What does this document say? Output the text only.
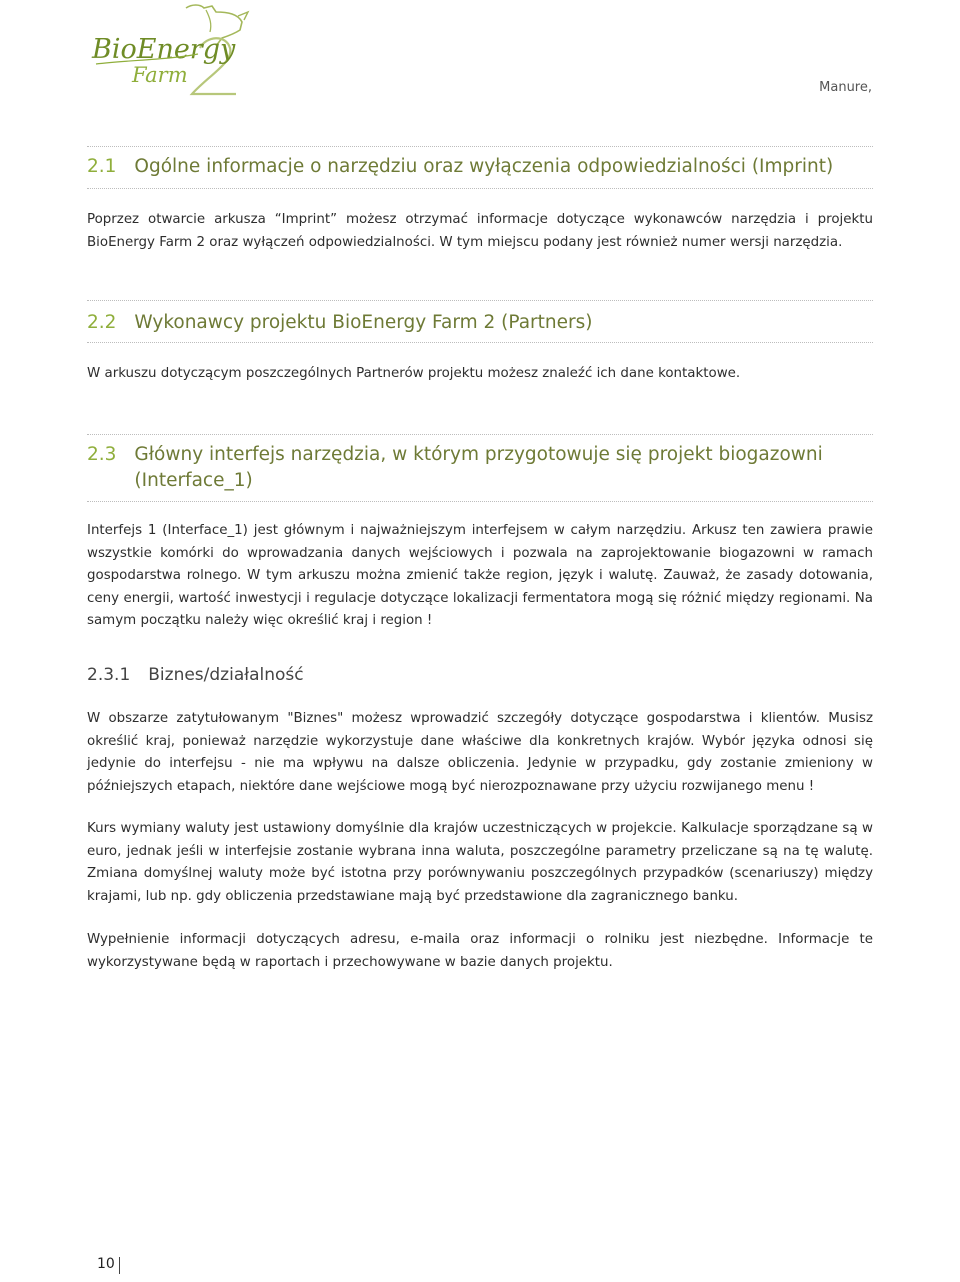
BioEnergy
Farm
Manure,
2.1 Ogólne informacje o narzędziu oraz wyłączenia odpowiedzialności (Imprint)

Poprzez otwarcie arkusza “Imprint” możesz otrzymać informacje dotyczące wykonawców narzędzia i projektu BioEnergy Farm 2 oraz wyłączeń odpowiedzialności. W tym miejscu podany jest również numer wersji narzędzia.

2.2 Wykonawcy projektu BioEnergy Farm 2 (Partners)

W arkuszu dotyczącym poszczególnych Partnerów projektu możesz znaleźć ich dane kontaktowe.

2.3 Główny interfejs narzędzia, w którym przygotowuje się projekt biogazowni (Interface_1)

Interfejs 1 (Interface_1) jest głównym i najważniejszym interfejsem w całym narzędziu. Arkusz ten zawiera prawie wszystkie komórki do wprowadzania danych wejściowych i pozwala na zaprojektowanie biogazowni w ramach gospodarstwa rolnego. W tym arkuszu można zmienić także region, język i walutę. Zauważ, że zasady dotowania, ceny energii, wartość inwestycji i regulacje dotyczące lokalizacji fermentatora mogą się różnić między regionami. Na samym początku należy więc określić kraj i region !

2.3.1 Biznes/działalność

W obszarze zatytułowanym "Biznes" możesz wprowadzić szczegóły dotyczące gospodarstwa i klientów. Musisz określić kraj, ponieważ narzędzie wykorzystuje dane właściwe dla konkretnych krajów. Wybór języka odnosi się jedynie do interfejsu - nie ma wpływu na dalsze obliczenia. Jedynie w przypadku, gdy zostanie zmieniony w późniejszych etapach, niektóre dane wejściowe mogą być nierozpoznawane przy użyciu rozwijanego menu !

Kurs wymiany waluty jest ustawiony domyślnie dla krajów uczestniczących w projekcie. Kalkulacje sporządzane są w euro, jednak jeśli w interfejsie zostanie wybrana inna waluta, poszczególne parametry przeliczane są na tę walutę. Zmiana domyślnej waluty może być istotna przy porównywaniu poszczególnych przypadków (scenariuszy) między krajami, lub np. gdy obliczenia przedstawiane mają być przedstawione dla zagranicznego banku.

Wypełnienie informacji dotyczących adresu, e-maila oraz informacji o rolniku jest niezbędne. Informacje te wykorzystywane będą w raportach i przechowywane w bazie danych projektu.

10
